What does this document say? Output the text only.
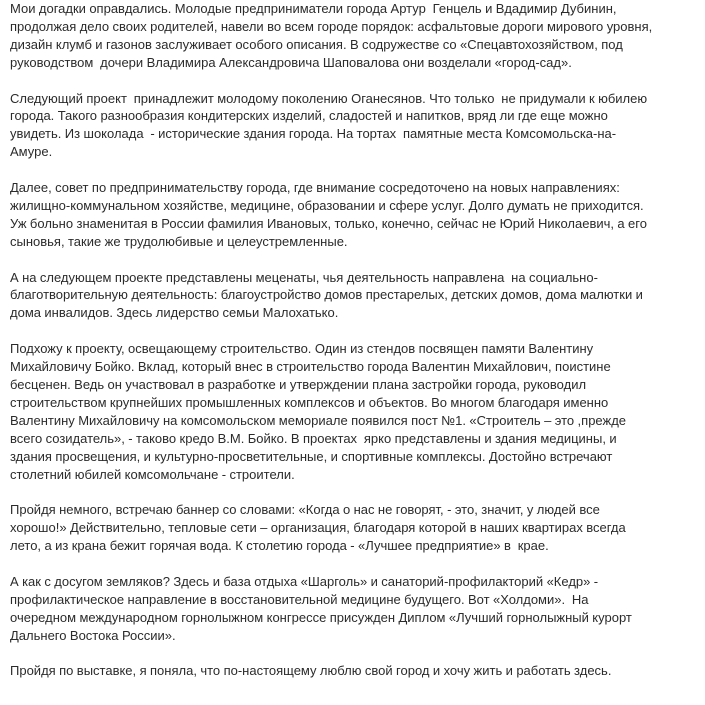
Мои догадки оправдались. Молодые предприниматели города Артур  Генцель и Вдадимир Дубинин,
продолжая дело своих родителей, навели во всем городе порядок: асфальтовые дороги мирового уровня,
дизайн клумб и газонов заслуживает особого описания. В содружестве со «Спецавтохозяйством, под
руководством  дочери Владимира Александровича Шаповалова они возделали «город-сад».

Следующий проект  принадлежит молодому поколению Оганесянов. Что только  не придумали к юбилею
города. Такого разнообразия кондитерских изделий, сладостей и напитков, вряд ли где еще можно
увидеть. Из шоколада  - исторические здания города. На тортах  памятные места Комсомольска-на-
Амуре.

Далее, совет по предпринимательству города, где внимание сосредоточено на новых направлениях:
жилищно-коммунальном хозяйстве, медицине, образовании и сфере услуг. Долго думать не приходится.
Уж больно знаменитая в России фамилия Ивановых, только, конечно, сейчас не Юрий Николаевич, а его
сыновья, такие же трудолюбивые и целеустремленные.

А на следующем проекте представлены меценаты, чья деятельность направлена  на социально-
благотворительную деятельность: благоустройство домов престарелых, детских домов, дома малютки и
дома инвалидов. Здесь лидерство семьи Малохатько.

Подхожу к проекту, освещающему строительство. Один из стендов посвящен памяти Валентину
Михайловичу Бойко. Вклад, который внес в строительство города Валентин Михайлович, поистине
бесценен. Ведь он участвовал в разработке и утверждении плана застройки города, руководил
строительством крупнейших промышленных комплексов и объектов. Во многом благодаря именно
Валентину Михайловичу на комсомольском мемориале появился пост №1. «Строитель – это ,прежде
всего созидатель», - таково кредо В.М. Бойко. В проектах  ярко представлены и здания медицины, и
здания просвещения, и культурно-просветительные, и спортивные комплексы. Достойно встречают
столетний юбилей комсомольчане - строители.

Пройдя немного, встречаю баннер со словами: «Когда о нас не говорят, - это, значит, у людей все
хорошо!» Действительно, тепловые сети – организация, благодаря которой в наших квартирах всегда
лето, а из крана бежит горячая вода. К столетию города - «Лучшее предприятие» в  крае.

А как с досугом земляков? Здесь и база отдыха «Шарголь» и санаторий-профилакторий «Кедр» -
профилактическое направление в восстановительной медицине будущего. Вот «Холдоми».  На
очередном международном горнолыжном конгрессе присужден Диплом «Лучший горнолыжный курорт
Дальнего Востока России».

Пройдя по выставке, я поняла, что по-настоящему люблю свой город и хочу жить и работать здесь.
